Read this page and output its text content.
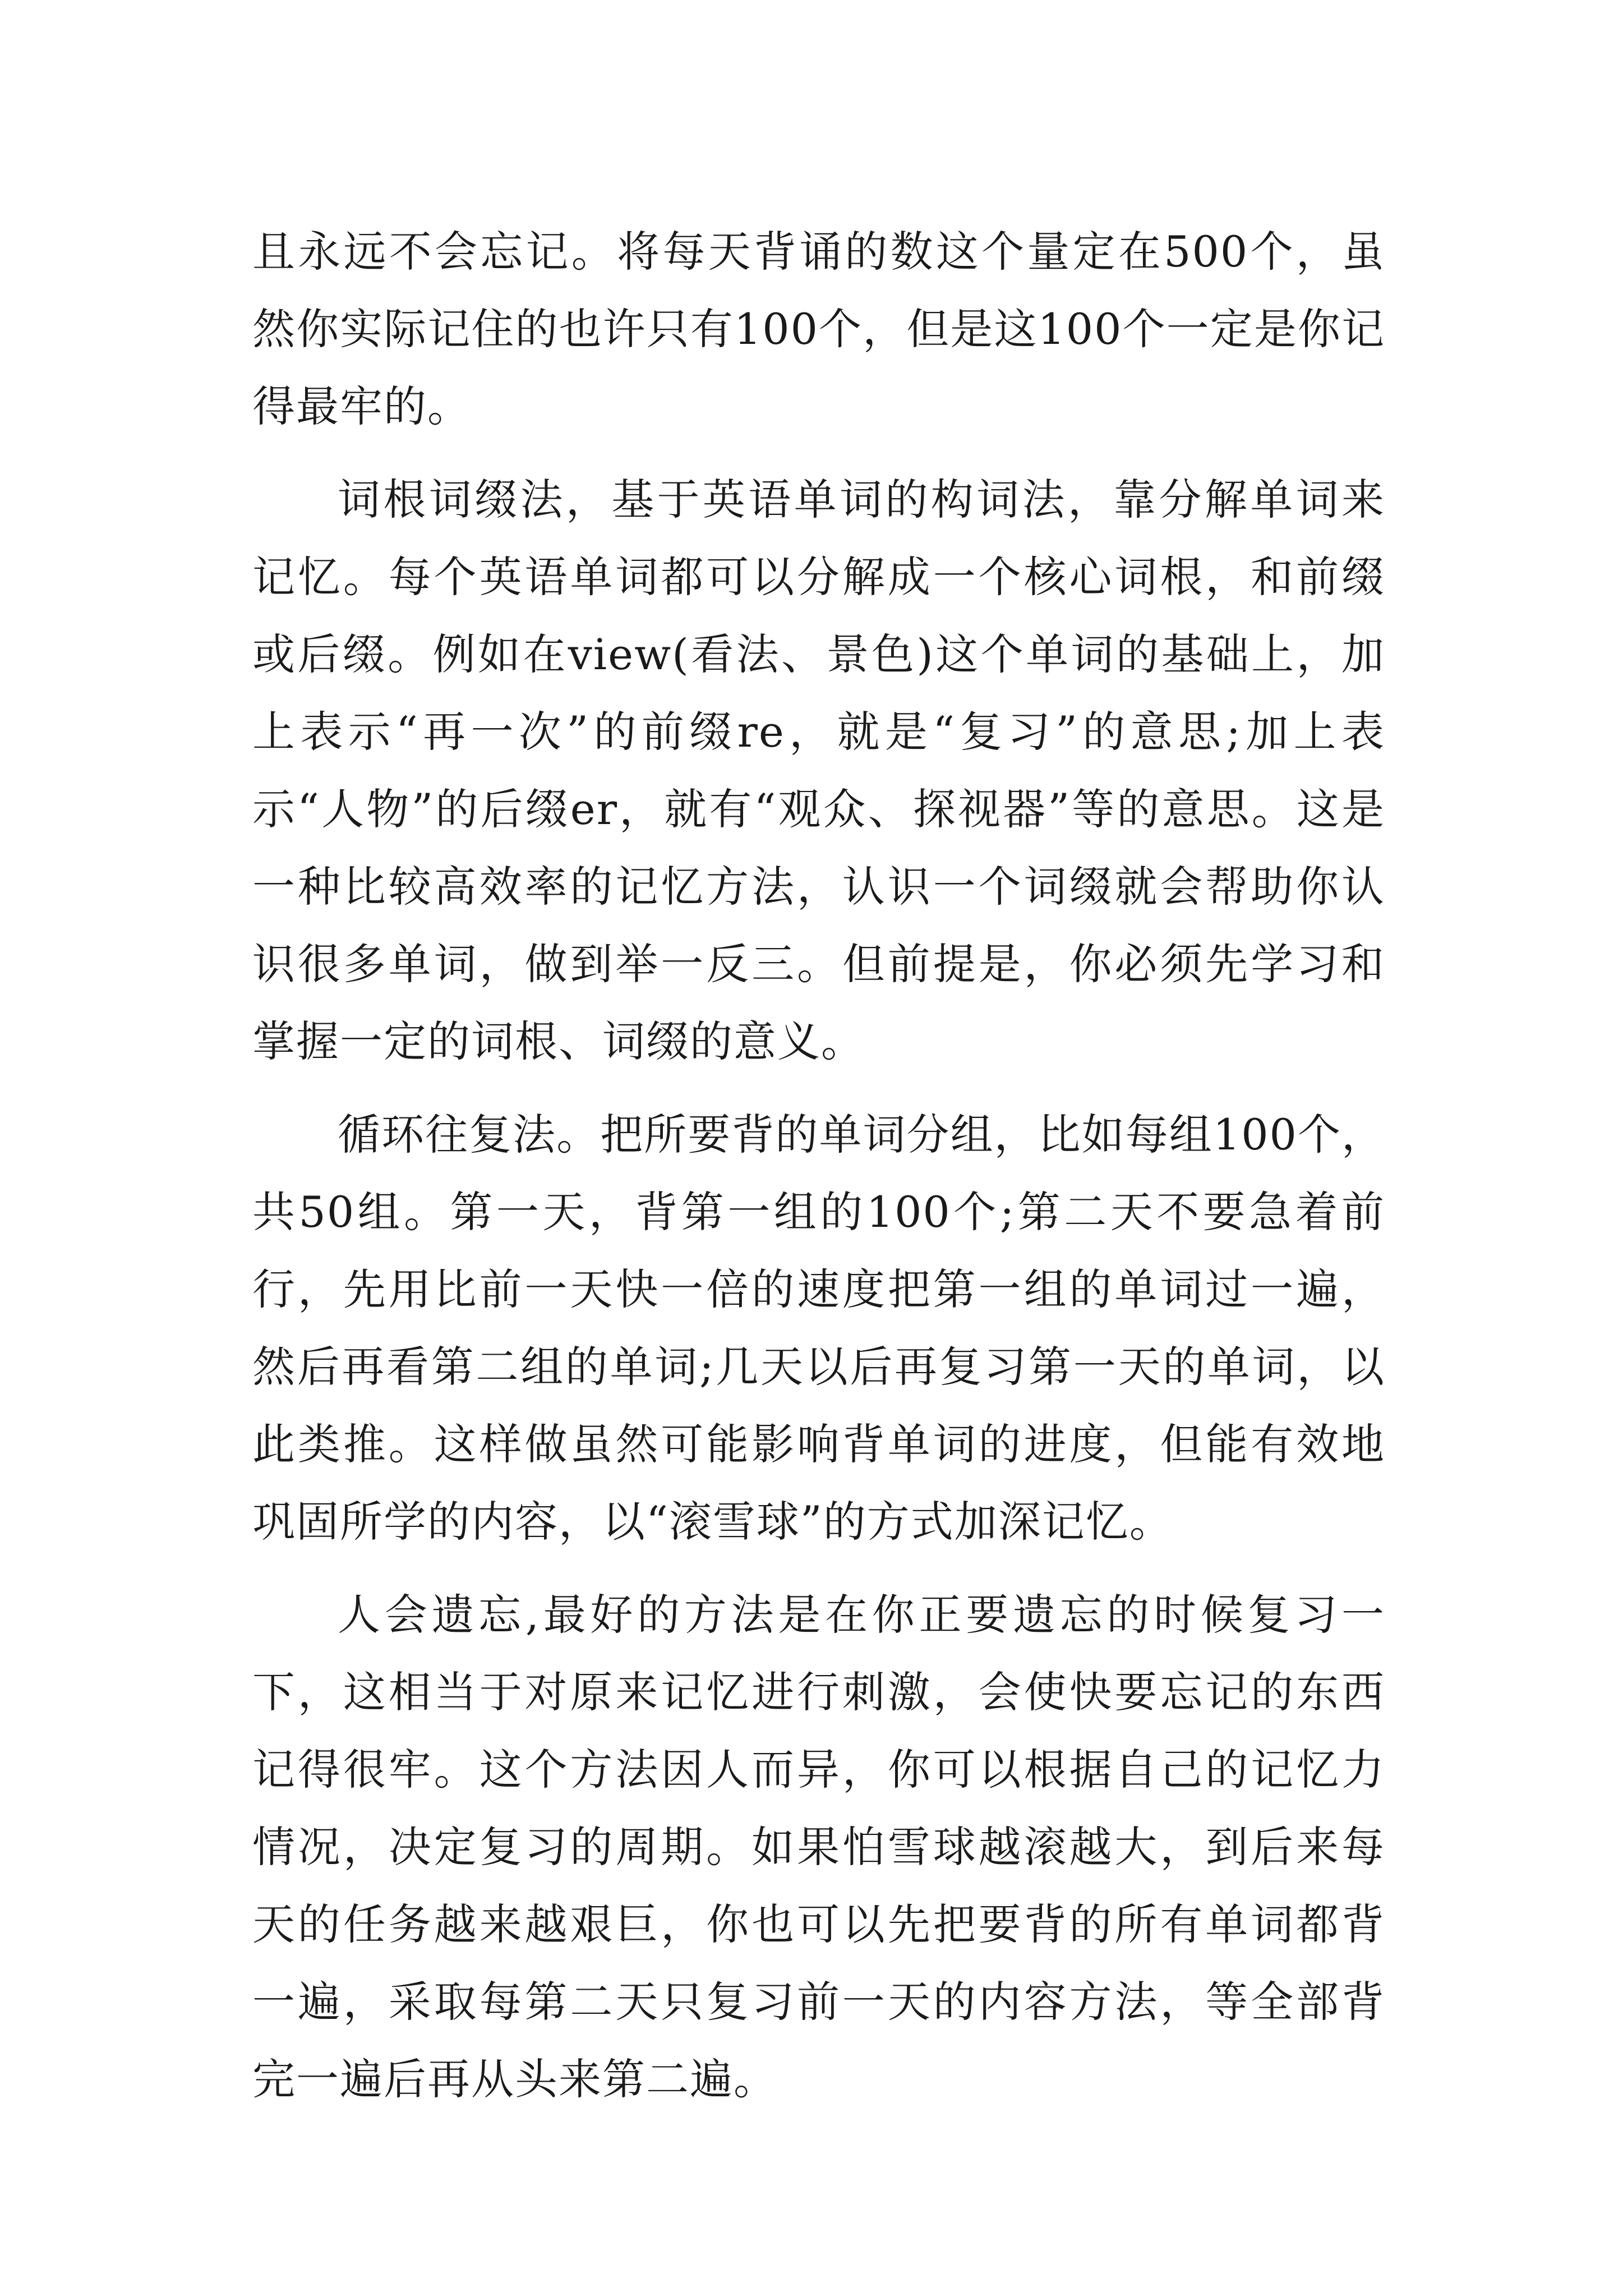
且永远不会忘记。将每天背诵的数这个量定在500个，虽然你实际记住的也许只有100个，但是这100个一定是你记得最牢的。

词根词缀法，基于英语单词的构词法，靠分解单词来记忆。每个英语单词都可以分解成一个核心词根，和前缀或后缀。例如在view(看法、景色)这个单词的基础上，加上表示“再一次”的前缀re，就是“复习”的意思;加上表示“人物”的后缀er，就有“观众、探视器”等的意思。这是一种比较高效率的记忆方法，认识一个词缀就会帮助你认识很多单词，做到举一反三。但前提是，你必须先学习和掌握一定的词根、词缀的意义。

循环往复法。把所要背的单词分组，比如每组100个，共50组。第一天，背第一组的100个;第二天不要急着前行，先用比前一天快一倍的速度把第一组的单词过一遍，然后再看第二组的单词;几天以后再复习第一天的单词，以此类推。这样做虽然可能影响背单词的进度，但能有效地巩固所学的内容，以“滚雪球”的方式加深记忆。

人会遗忘,最好的方法是在你正要遗忘的时候复习一下，这相当于对原来记忆进行刺激，会使快要忘记的东西记得很牢。这个方法因人而异，你可以根据自己的记忆力情况，决定复习的周期。如果怕雪球越滚越大，到后来每天的任务越来越艰巨，你也可以先把要背的所有单词都背一遍，采取每第二天只复习前一天的内容方法，等全部背完一遍后再从头来第二遍。
